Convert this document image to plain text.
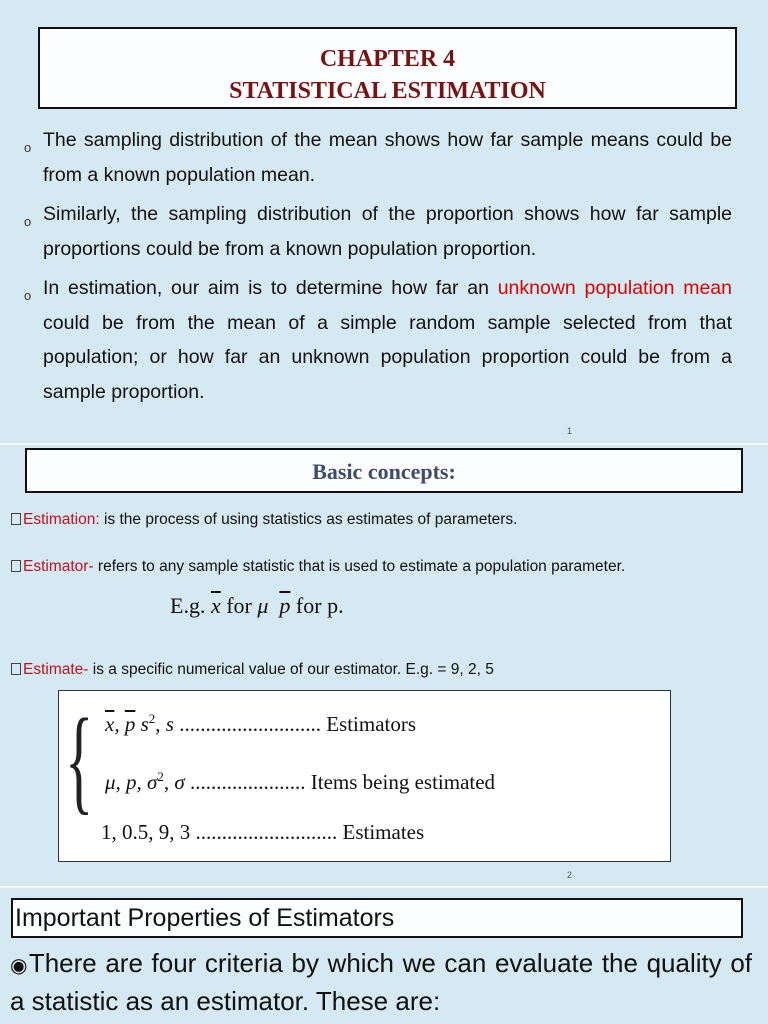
CHAPTER 4
STATISTICAL ESTIMATION
o The sampling distribution of the mean shows how far sample means could be from a known population mean.
o Similarly, the sampling distribution of the proportion shows how far sample proportions could be from a known population proportion.
o In estimation, our aim is to determine how far an unknown population mean could be from the mean of a simple random sample selected from that population; or how far an unknown population proportion could be from a sample proportion.
1
Basic concepts:
Estimation: is the process of using statistics as estimates of parameters.
Estimator- refers to any sample statistic that is used to estimate a population parameter.
E.g. $\overline{x}$ for μ $\overline{p}$ for p.
Estimate- is a specific numerical value of our estimator. E.g. = 9, 2, 5
{ $\overline{x}$, $\overline{p}$ $s^2$, s ........................... Estimators
μ, p, $\sigma^2$, σ ...................... Items being estimated
1, 0.5, 9, 3 ........................... Estimates
2
Important Properties of Estimators
◉There are four criteria by which we can evaluate the quality of a statistic as an estimator. These are:
